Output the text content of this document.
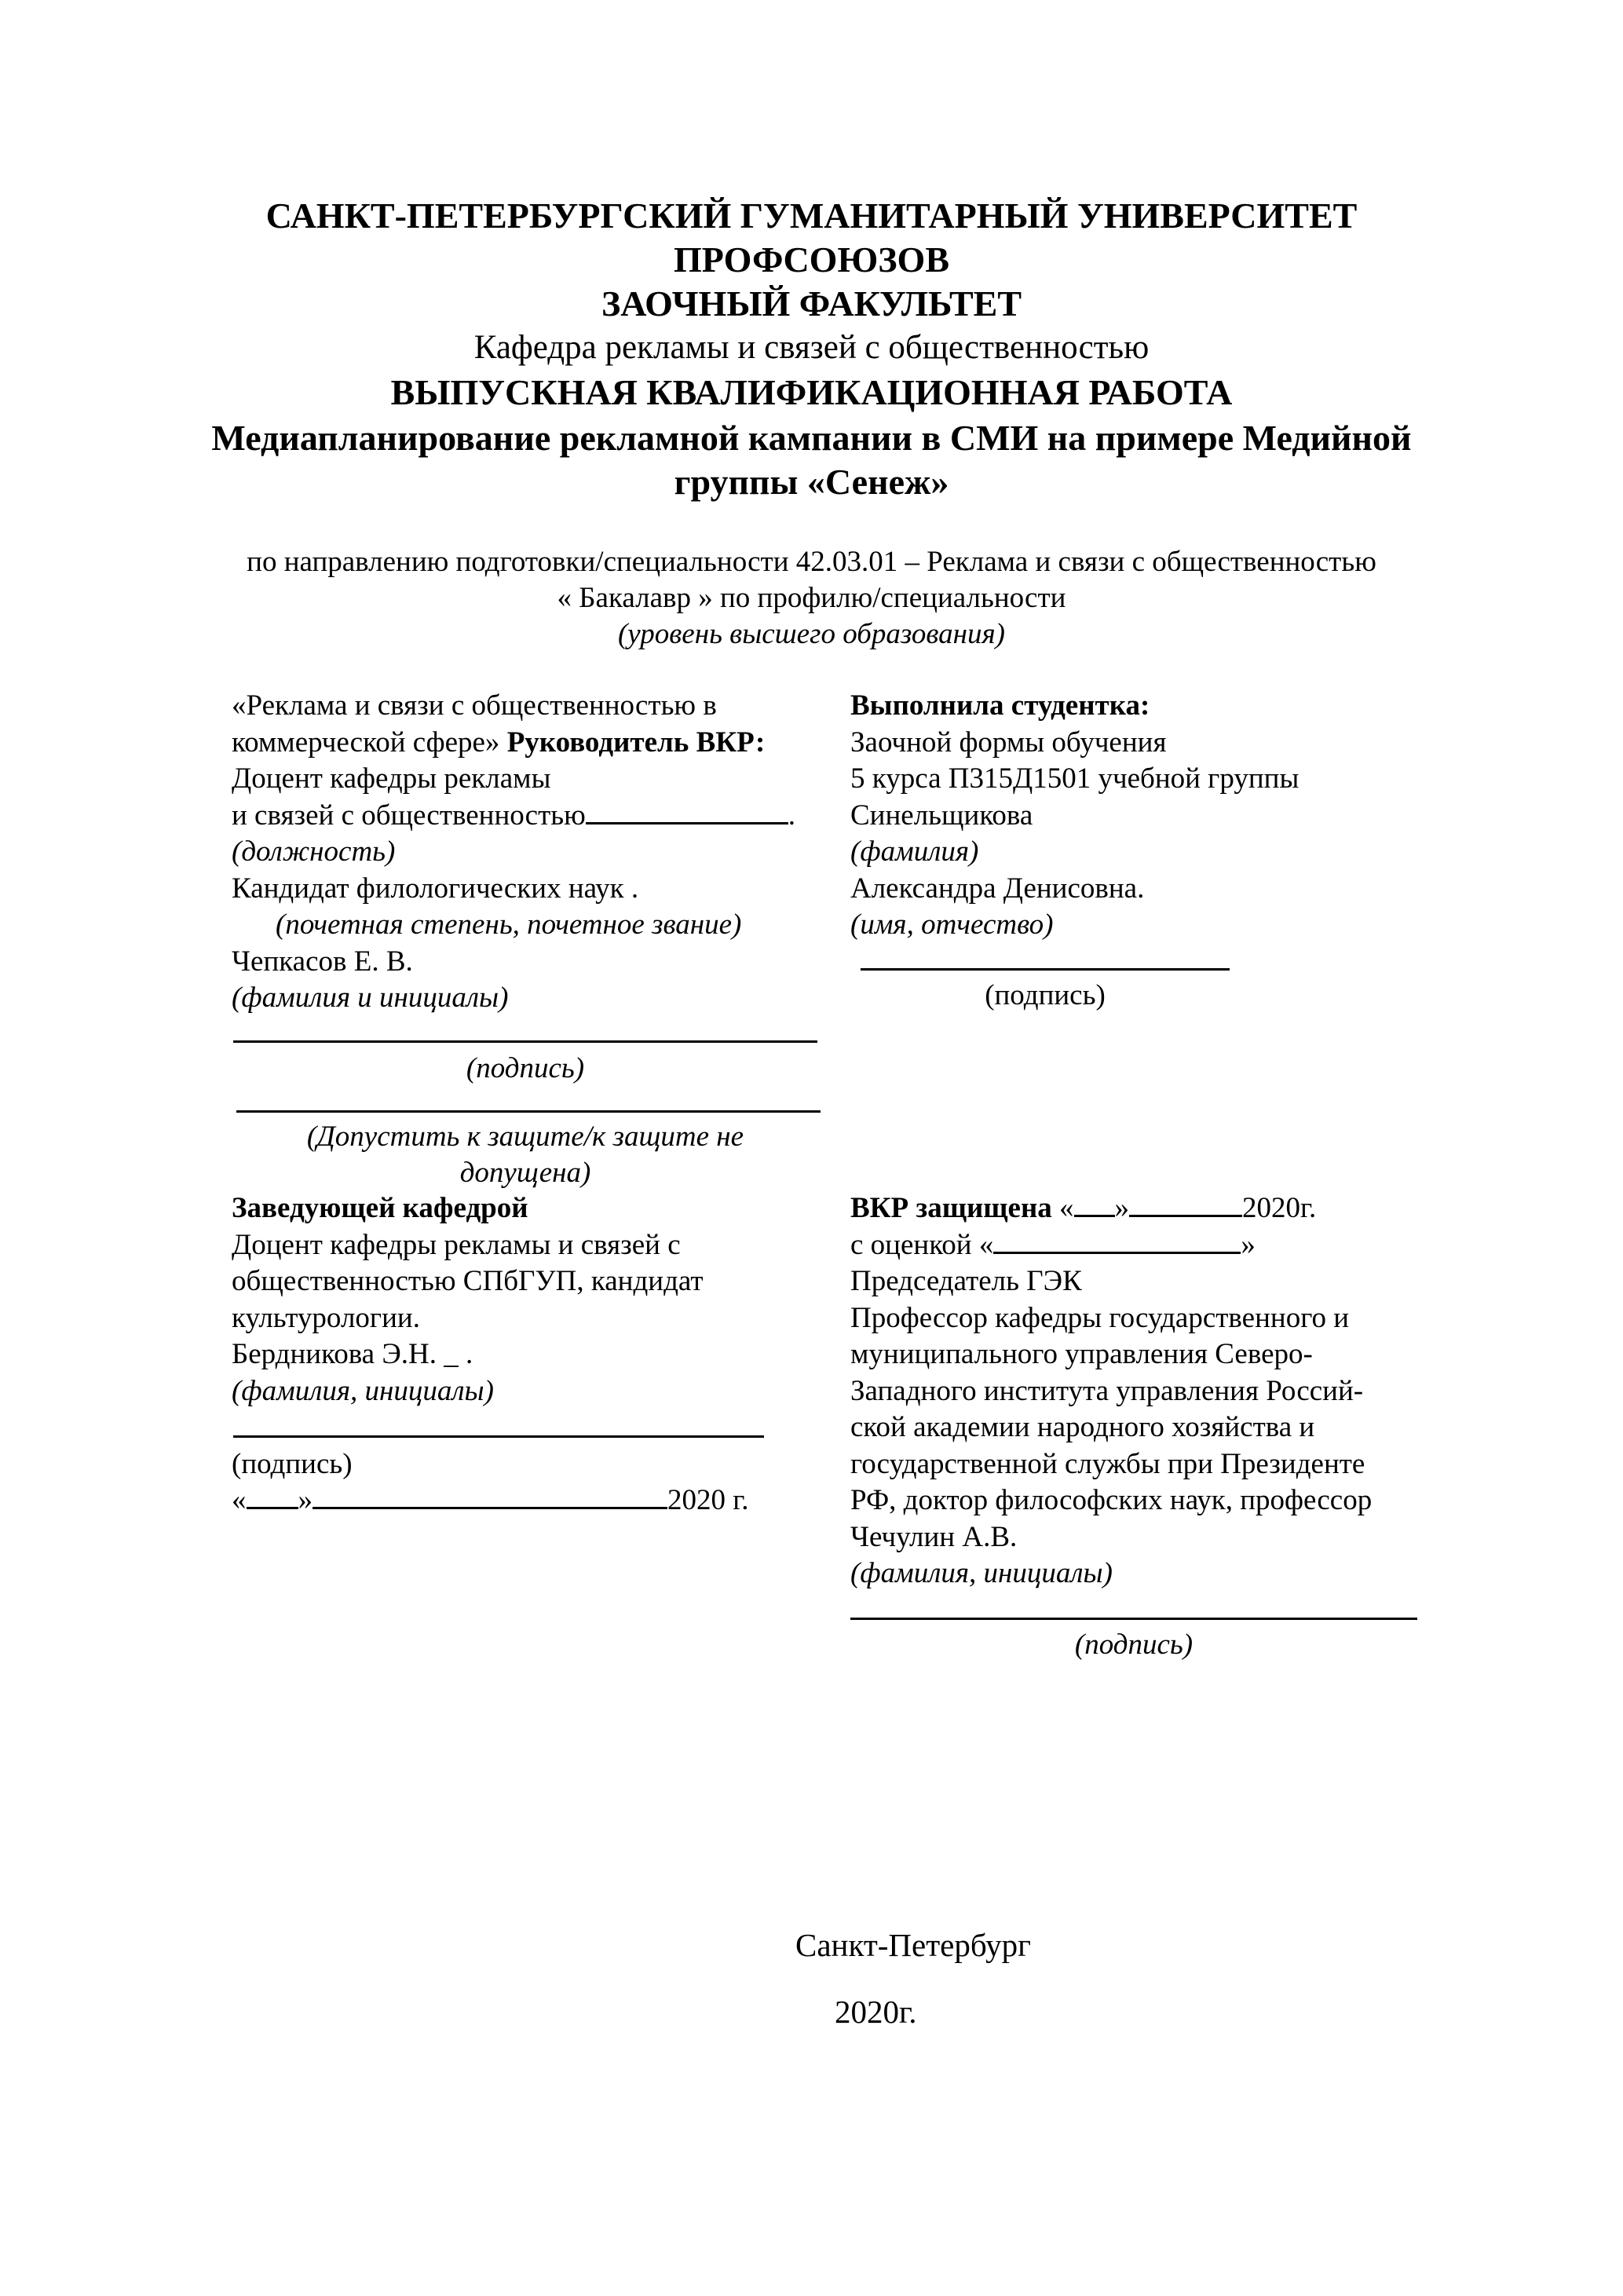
САНКТ-ПЕТЕРБУРГСКИЙ ГУМАНИТАРНЫЙ УНИВЕРСИТЕТ
ПРОФСОЮЗОВ
ЗАОЧНЫЙ ФАКУЛЬТЕТ
Кафедра рекламы и связей с общественностью
ВЫПУСКНАЯ КВАЛИФИКАЦИОННАЯ РАБОТА
Медиапланирование рекламной кампании в СМИ на примере Медийной
группы «Сенеж»
по направлению подготовки/специальности 42.03.01 – Реклама и связи с общественностью
« Бакалавр » по профилю/специальности
(уровень высшего образования)
«Реклама и связи с общественностью в
коммерческой сфере» Руководитель ВКР:
Доцент кафедры рекламы
и связей с общественностью	.
(должность)
Кандидат филологических наук .
(почетная степень, почетное звание)
Чепкасов Е. В.
(фамилия и инициалы)
(подпись)
(Допустить к защите/к защите не
допущена)
Заведующей кафедрой
Доцент кафедры рекламы и связей с
общественностью СПбГУП, кандидат
культурологии.
Бердникова Э.Н. _ .
(фамилия, инициалы)
(подпись)
« »	2020 г.
Выполнила студентка:
Заочной формы обучения
5 курса П315Д1501 учебной группы
Синельщикова
(фамилия)
Александра Денисовна.
(имя, отчество)
(подпись)
ВКР защищена « »	2020г.
с оценкой «	»
Председатель ГЭК
Профессор кафедры государственного и
муниципального управления Северо-
Западного института управления Россий-
ской академии народного хозяйства и
государственной службы при Президенте
РФ, доктор философских наук, профессор
Чечулин А.В.
(фамилия, инициалы)
(подпись)
Санкт-Петербург
2020г.
